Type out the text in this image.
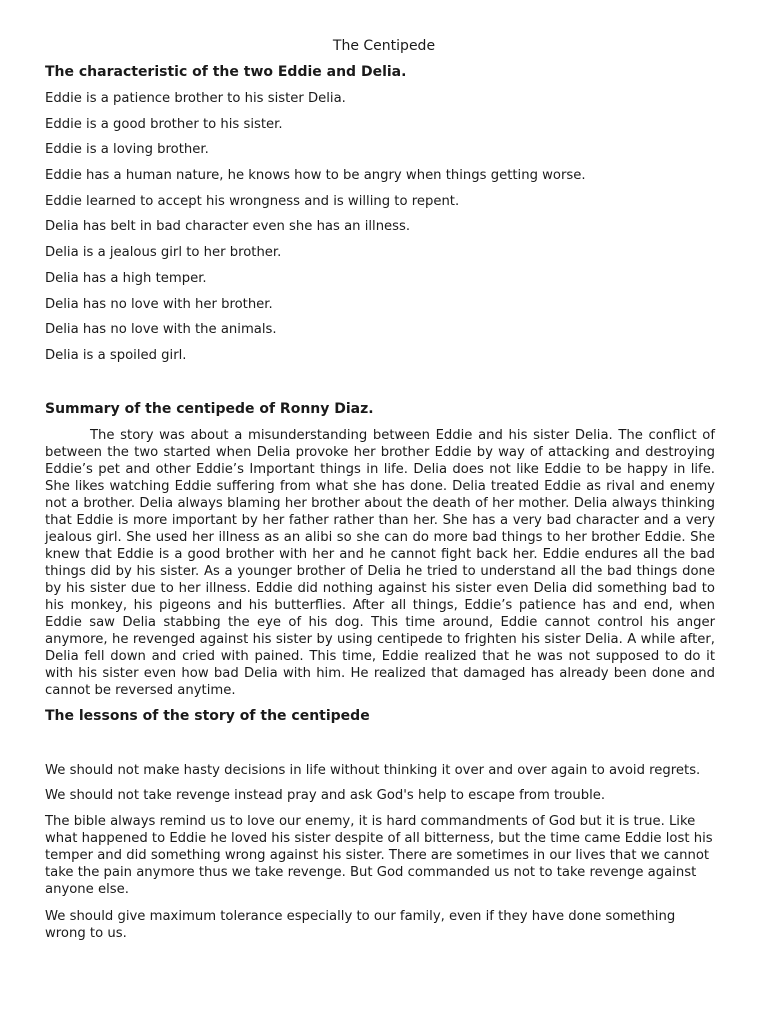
The Centipede
The characteristic of the two Eddie and Delia.
Eddie is a patience brother to his sister Delia.
Eddie is a good brother to his sister.
Eddie is a loving brother.
Eddie has a human nature, he knows how to be angry when things getting worse.
Eddie learned to accept his wrongness and is willing to repent.
Delia has belt in bad character even she has an illness.
Delia is a jealous girl to her brother.
Delia has a high temper.
Delia has no love with her brother.
Delia has no love with the animals.
Delia is a spoiled girl.
Summary of the centipede of Ronny Diaz.
The story was about a misunderstanding between Eddie and his sister Delia. The conflict of between the two started when Delia provoke her brother Eddie by way of attacking and destroying Eddie’s pet and other Eddie’s Important things in life. Delia does not like Eddie to be happy in life. She likes watching Eddie suffering from what she has done. Delia treated Eddie as rival and enemy not a brother. Delia always blaming her brother about the death of her mother. Delia always thinking that Eddie is more important by her father rather than her. She has a very bad character and a very jealous girl. She used her illness as an alibi so she can do more bad things to her brother Eddie. She knew that Eddie is a good brother with her and he cannot fight back her. Eddie endures all the bad things did by his sister. As a younger brother of Delia he tried to understand all the bad things done by his sister due to her illness. Eddie did nothing against his sister even Delia did something bad to his monkey, his pigeons and his butterflies. After all things, Eddie’s patience has and end, when Eddie saw Delia stabbing the eye of his dog. This time around, Eddie cannot control his anger anymore, he revenged against his sister by using centipede to frighten his sister Delia. A while after, Delia fell down and cried with pained. This time, Eddie realized that he was not supposed to do it with his sister even how bad Delia with him. He realized that damaged has already been done and cannot be reversed anytime.
The lessons of the story of the centipede
We should not make hasty decisions in life without thinking it over and over again to avoid regrets.
We should not take revenge instead pray and ask God's help to escape from trouble.
The bible always remind us to love our enemy, it is hard commandments of God but it is true. Like what happened to Eddie he loved his sister despite of all bitterness, but the time came Eddie lost his temper and did something wrong against his sister. There are sometimes in our lives that we cannot take the pain anymore thus we take revenge. But God commanded us not to take revenge against anyone else.
We should give maximum tolerance especially to our family, even if they have done something wrong to us.
